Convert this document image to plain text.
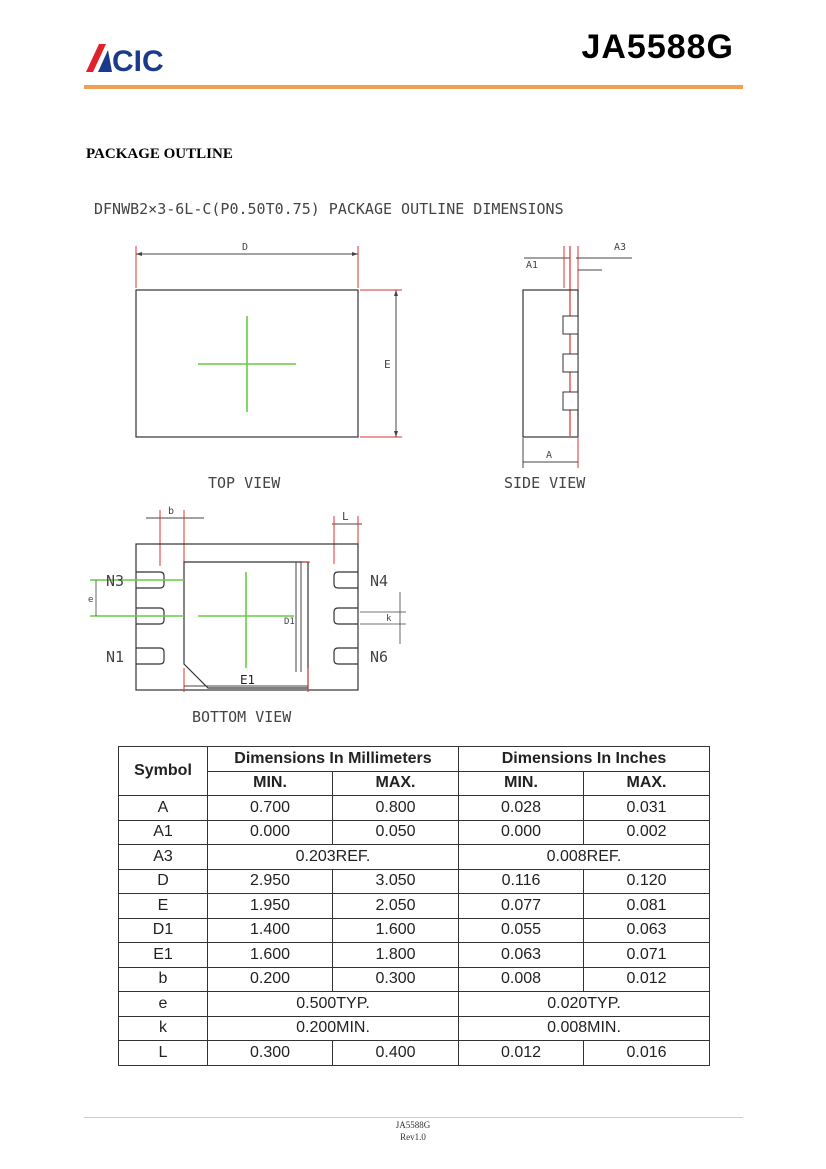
CIC	JA5588G
PACKAGE OUTLINE
DFNWB2×3-6L-C(P0.50T0.75) PACKAGE OUTLINE DIMENSIONS
D
E
TOP VIEW
A1
A3
A
SIDE VIEW
b	L
e
k
D1
E1
N3	N4
N1	N6
BOTTOM VIEW
Symbol	Dimensions In Millimeters		Dimensions In Inches	
	MIN.	MAX.	MIN.	MAX.
A	0.700	0.800	0.028	0.031
A1	0.000	0.050	0.000	0.002
A3	0.203REF.		0.008REF.	
D	2.950	3.050	0.116	0.120
E	1.950	2.050	0.077	0.081
D1	1.400	1.600	0.055	0.063
E1	1.600	1.800	0.063	0.071
b	0.200	0.300	0.008	0.012
e	0.500TYP.		0.020TYP.	
k	0.200MIN.		0.008MIN.	
L	0.300	0.400	0.012	0.016
JA5588G
Rev1.0
